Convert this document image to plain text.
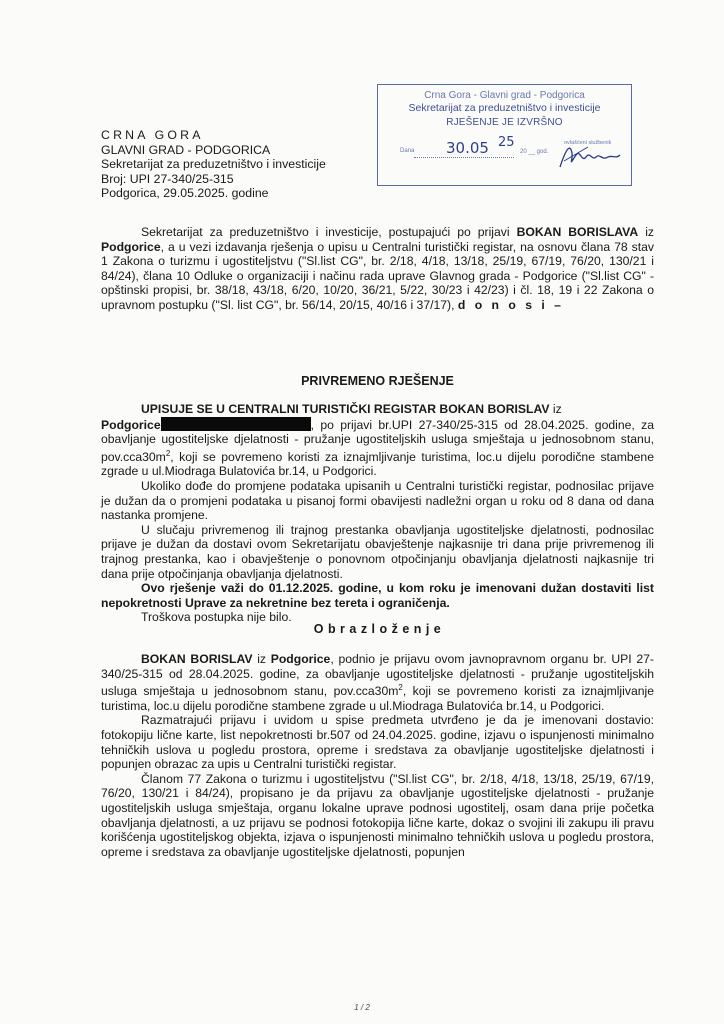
Crna Gora - Glavni grad - Podgorica
Sekretarijat za preduzetništvo i investicije
RJEŠENJE JE IZVRŠNO
Dana 30.05	20 __ god.
25	ovlašćeni službenik
CRNA GORA
GLAVNI GRAD - PODGORICA
Sekretarijat za preduzetništvo i investicije
Broj: UPI 27-340/25-315
Podgorica, 29.05.2025. godine

Sekretarijat za preduzetništvo i investicije, postupajući po prijavi BOKAN BORISLAVA iz Podgorice, a u vezi izdavanja rješenja o upisu u Centralni turistički registar, na osnovu člana 78 stav 1 Zakona o turizmu i ugostiteljstvu ("Sl.list CG", br. 2/18, 4/18, 13/18, 25/19, 67/19, 76/20, 130/21 i 84/24), člana 10 Odluke o organizaciji i načinu rada uprave Glavnog grada - Podgorice ("Sl.list CG" - opštinski propisi, br. 38/18, 43/18, 6/20, 10/20, 36/21, 5/22, 30/23 i 42/23) i čl. 18, 19 i 22 Zakona o upravnom postupku ("Sl. list CG", br. 56/14, 20/15, 40/16 i 37/17), d o n o s i –

PRIVREMENO RJEŠENJE

UPISUJE SE U CENTRALNI TURISTIČKI REGISTAR BOKAN BORISLAV iz
Podgorice	, po prijavi br.UPI 27-340/25-315 od 28.04.2025. godine, za obavljanje ugostiteljske djelatnosti - pružanje ugostiteljskih usluga smještaja u jednosobnom stanu, $pov.cca30m^2$, koji se povremeno koristi za iznajmljivanje turistima, loc.u dijelu porodične stambene zgrade u ul.Miodraga Bulatovića br.14, u Podgorici.

Ukoliko dođe do promjene podataka upisanih u Centralni turistički registar, podnosilac prijave je dužan da o promjeni podataka u pisanoj formi obavijesti nadležni organ u roku od 8 dana od dana nastanka promjene.

U slučaju privremenog ili trajnog prestanka obavljanja ugostiteljske djelatnosti, podnosilac prijave je dužan da dostavi ovom Sekretarijatu obavještenje najkasnije tri dana prije privremenog ili trajnog prestanka, kao i obavještenje o ponovnom otpočinjanju obavljanja djelatnosti najkasnije tri dana prije otpočinjanja obavljanja djelatnosti.

Ovo rješenje važi do 01.12.2025. godine, u kom roku je imenovani dužan dostaviti list nepokretnosti Uprave za nekretnine bez tereta i ograničenja.

Troškova postupka nije bilo.

O b r a z l o ž e n j e

BOKAN BORISLAV iz Podgorice, podnio je prijavu ovom javnopravnom organu br. UPI 27-340/25-315 od 28.04.2025. godine, za obavljanje ugostiteljske djelatnosti - pružanje ugostiteljskih usluga smještaja u jednosobnom stanu, $pov.cca30m^2$, koji se povremeno koristi za iznajmljivanje turistima, loc.u dijelu porodične stambene zgrade u ul.Miodraga Bulatovića br.14, u Podgorici.

Razmatrajući prijavu i uvidom u spise predmeta utvrđeno je da je imenovani dostavio: fotokopiju lične karte, list nepokretnosti br.507 od 24.04.2025. godine, izjavu o ispunjenosti minimalno tehničkih uslova u pogledu prostora, opreme i sredstava za obavljanje ugostiteljske djelatnosti i popunjen obrazac za upis u Centralni turistički registar.

Članom 77 Zakona o turizmu i ugostiteljstvu ("Sl.list CG", br. 2/18, 4/18, 13/18, 25/19, 67/19, 76/20, 130/21 i 84/24), propisano je da prijavu za obavljanje ugostiteljske djelatnosti - pružanje ugostiteljskih usluga smještaja, organu lokalne uprave podnosi ugostitelj, osam dana prije početka obavljanja djelatnosti, a uz prijavu se podnosi fotokopija lične karte, dokaz o svojini ili zakupu ili pravu korišćenja ugostiteljskog objekta, izjava o ispunjenosti minimalno tehničkih uslova u pogledu prostora, opreme i sredstava za obavljanje ugostiteljske djelatnosti, popunjen

1 / 2
